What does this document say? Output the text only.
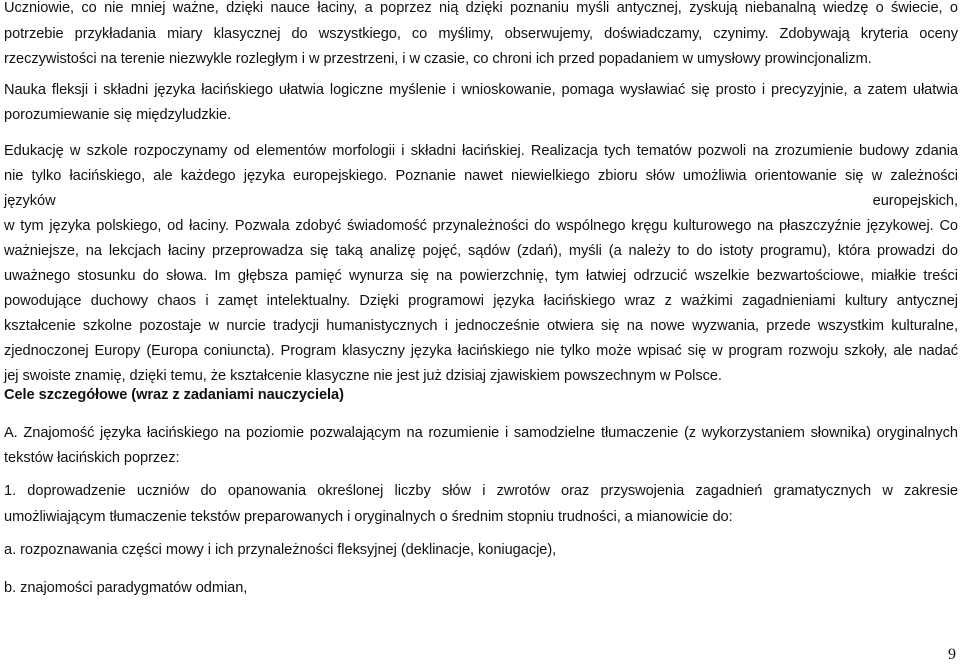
Uczniowie, co nie mniej ważne, dzięki nauce łaciny, a poprzez nią dzięki poznaniu myśli antycznej, zyskują niebanalną wiedzę o świecie, o
potrzebie przykładania miary klasycznej do wszystkiego, co myślimy, obserwujemy, doświadczamy, czynimy. Zdobywają kryteria oceny
rzeczywistości na terenie niezwykle rozległym i w przestrzeni, i w czasie, co chroni ich przed popadaniem w umysłowy prowincjonalizm.
Nauka fleksji i składni języka łacińskiego ułatwia logiczne myślenie i wnioskowanie, pomaga wysławiać się prosto i precyzyjnie, a zatem ułatwia
porozumiewanie się międzyludzkie.
Edukację w szkole rozpoczynamy od elementów morfologii i składni łacińskiej. Realizacja tych tematów pozwoli na zrozumienie budowy zdania
nie tylko łacińskiego, ale każdego języka europejskiego. Poznanie nawet niewielkiego zbioru słów umożliwia orientowanie się w zależności
języków europejskich,
w tym języka polskiego, od łaciny. Pozwala zdobyć świadomość przynależności do wspólnego kręgu kulturowego na płaszczyźnie językowej. Co
ważniejsze, na lekcjach łaciny przeprowadza się taką analizę pojęć, sądów (zdań), myśli (a należy to do istoty programu), która prowadzi do
uważnego stosunku do słowa. Im głębsza pamięć wynurza się na powierzchnię, tym łatwiej odrzucić wszelkie bezwartościowe, miałkie treści
powodujące duchowy chaos i zamęt intelektualny. Dzięki programowi języka łacińskiego wraz z ważkimi zagadnieniami kultury antycznej
kształcenie szkolne pozostaje w nurcie tradycji humanistycznych i jednocześnie otwiera się na nowe wyzwania, przede wszystkim kulturalne,
zjednoczonej Europy (Europa coniuncta). Program klasyczny języka łacińskiego nie tylko może wpisać się w program rozwoju szkoły, ale nadać
jej swoiste znamię, dzięki temu, że kształcenie klasyczne nie jest już dzisiaj zjawiskiem powszechnym w Polsce.
Cele szczegółowe (wraz z zadaniami nauczyciela)
A. Znajomość języka łacińskiego na poziomie pozwalającym na rozumienie i samodzielne tłumaczenie (z wykorzystaniem słownika) oryginalnych
tekstów łacińskich poprzez:
1. doprowadzenie uczniów do opanowania określonej liczby słów i zwrotów oraz przyswojenia zagadnień gramatycznych w zakresie
umożliwiającym tłumaczenie tekstów preparowanych i oryginalnych o średnim stopniu trudności, a mianowicie do:
a. rozpoznawania części mowy i ich przynależności fleksyjnej (deklinacje, koniugacje),
b. znajomości paradygmatów odmian,
9
